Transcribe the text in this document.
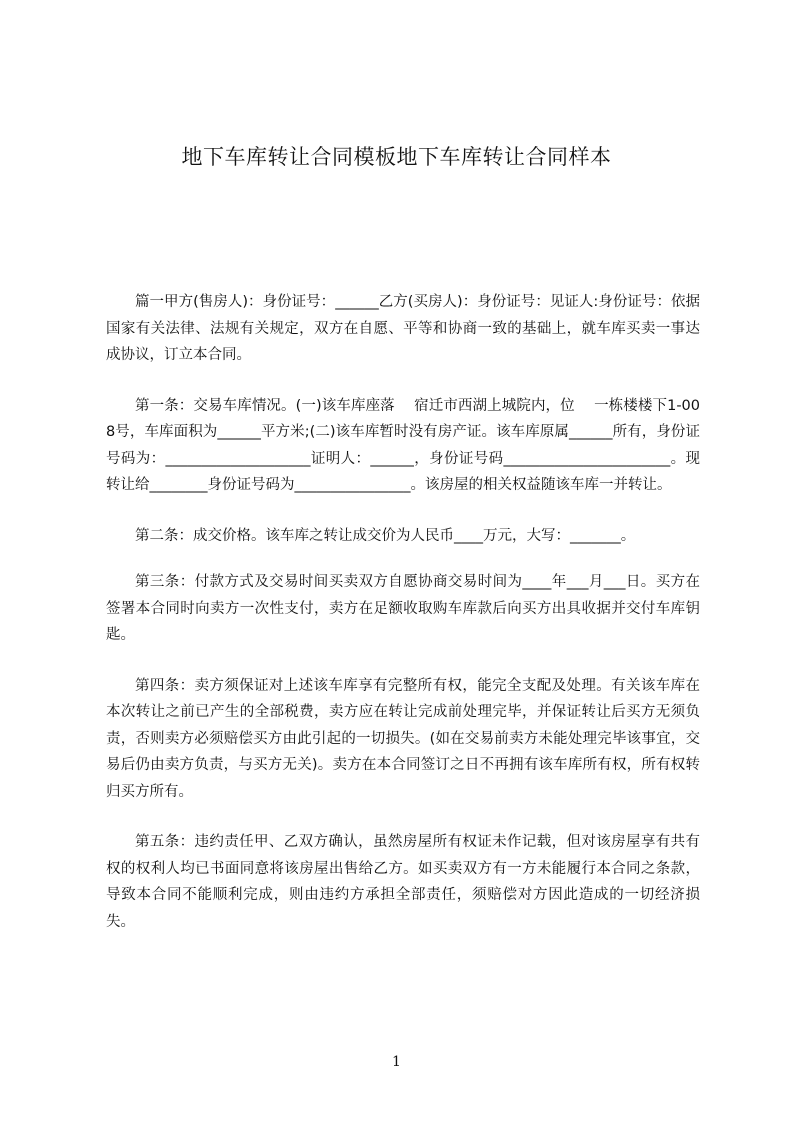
地下车库转让合同模板地下车库转让合同样本

篇一甲方(售房人)：身份证号：______乙方(买房人)：身份证号：见证人:身份证号：依据国家有关法律、法规有关规定，双方在自愿、平等和协商一致的基础上，就车库买卖一事达成协议，订立本合同。

第一条：交易车库情况。(一)该车库座落　 宿迁市西湖上城院内，位　 一栋楼楼下1-008号，车库面积为______平方米;(二)该车库暂时没有房产证。该车库原属______所有，身份证号码为：____________________证明人：______，身份证号码_______________________。现转让给________身份证号码为________________。该房屋的相关权益随该车库一并转让。

第二条：成交价格。该车库之转让成交价为人民币____万元，大写：_______。

第三条：付款方式及交易时间买卖双方自愿协商交易时间为____年___月___日。买方在签署本合同时向卖方一次性支付，卖方在足额收取购车库款后向买方出具收据并交付车库钥匙。

第四条：卖方须保证对上述该车库享有完整所有权，能完全支配及处理。有关该车库在本次转让之前已产生的全部税费，卖方应在转让完成前处理完毕，并保证转让后买方无须负责，否则卖方必须赔偿买方由此引起的一切损失。(如在交易前卖方未能处理完毕该事宜，交易后仍由卖方负责，与买方无关)。卖方在本合同签订之日不再拥有该车库所有权，所有权转归买方所有。

第五条：违约责任甲、乙双方确认，虽然房屋所有权证未作记载，但对该房屋享有共有权的权利人均已书面同意将该房屋出售给乙方。如买卖双方有一方未能履行本合同之条款，导致本合同不能顺利完成，则由违约方承担全部责任，须赔偿对方因此造成的一切经济损失。

1
